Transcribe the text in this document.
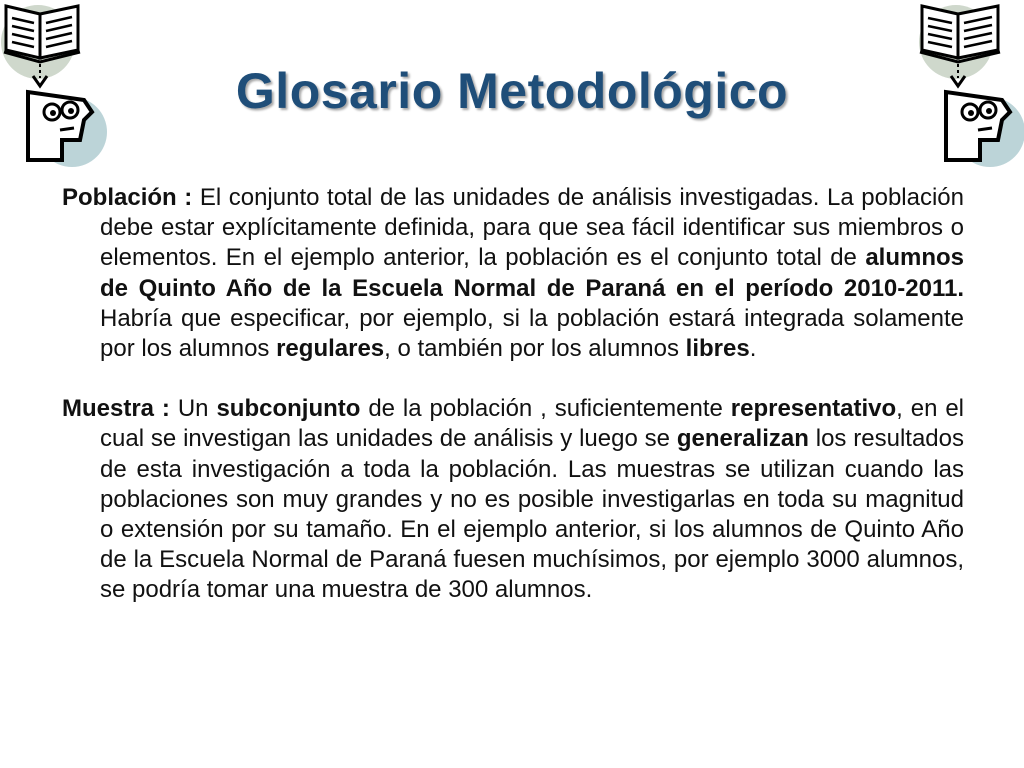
Glosario Metodológico

Población : El conjunto total de las unidades de análisis investigadas. La población debe estar explícitamente definida, para que sea fácil identificar sus miembros o elementos. En el ejemplo anterior, la población es el conjunto total de alumnos de Quinto Año de la Escuela Normal de Paraná en el período 2010-2011. Habría que especificar, por ejemplo, si la población estará integrada solamente por los alumnos regulares, o también por los alumnos libres.

Muestra : Un subconjunto de la población , suficientemente representativo, en el cual se investigan las unidades de análisis y luego se generalizan los resultados de esta investigación a toda la población. Las muestras se utilizan cuando las poblaciones son muy grandes y no es posible investigarlas en toda su magnitud o extensión por su tamaño. En el ejemplo anterior, si los alumnos de Quinto Año de la Escuela Normal de Paraná fuesen muchísimos, por ejemplo 3000 alumnos, se podría tomar una muestra de 300 alumnos.
